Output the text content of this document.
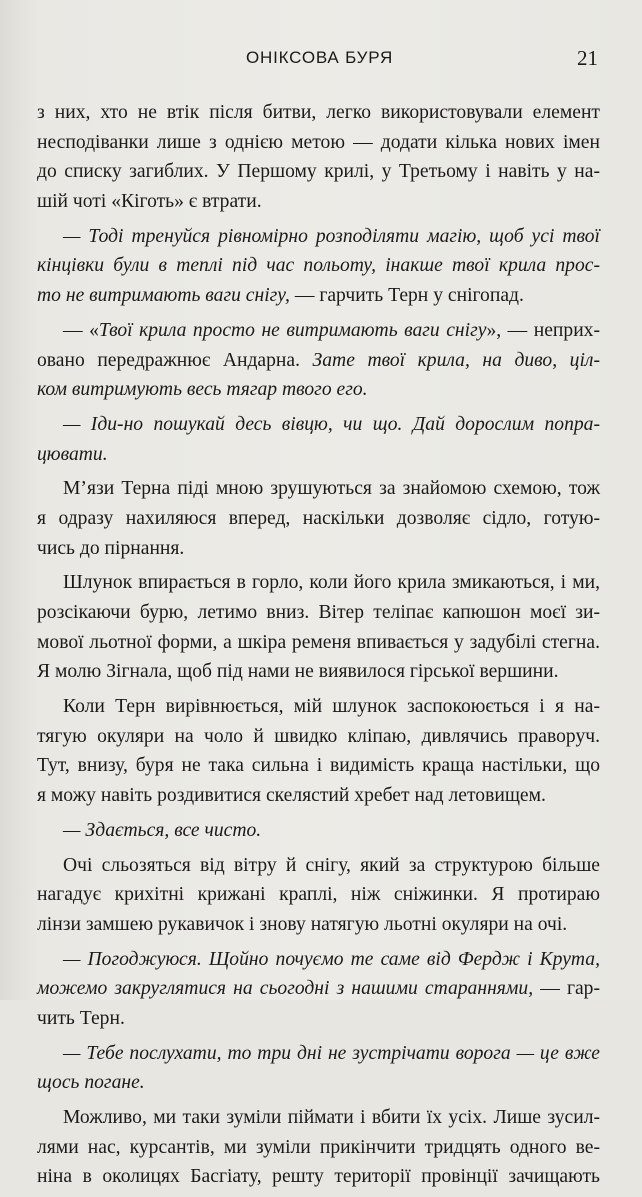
ОНІКСОВА БУРЯ	21
з них, хто не втік після битви, легко використовували елемент
несподіванки лише з однією метою — додати кілька нових імен
до списку загиблих. У Першому крилі, у Третьому і навіть у на-
шій чоті «Кіготь» є втрати.
— Тоді тренуйся рівномірно розподіляти магію, щоб усі твої
кінцівки були в теплі під час польоту, інакше твої крила прос-
то не витримають ваги снігу, — гарчить Терн у снігопад.
— «Твої крила просто не витримають ваги снігу», — неприх-
овано передражнює Андарна. Зате твої крила, на диво, ціл-
ком витримують весь тягар твого его.
— Іди-но пошукай десь вівцю, чи що. Дай дорослим попра-
цювати.
М’язи Терна піді мною зрушуються за знайомою схемою, тож
я одразу нахиляюся вперед, наскільки дозволяє сідло, готую-
чись до пірнання.
Шлунок впирається в горло, коли його крила змикаються, і ми,
розсікаючи бурю, летимо вниз. Вітер теліпає капюшон моєї зи-
мової льотної форми, а шкіра ременя впивається у задубілі стегна.
Я молю Зігнала, щоб під нами не виявилося гірської вершини.
Коли Терн вирівнюється, мій шлунок заспокоюється і я на-
тягую окуляри на чоло й швидко кліпаю, дивлячись праворуч.
Тут, внизу, буря не така сильна і видимість краща настільки, що
я можу навіть роздивитися скелястий хребет над летовищем.
— Здається, все чисто.
Очі сльозяться від вітру й снігу, який за структурою більше
нагадує крихітні крижані краплі, ніж сніжинки. Я протираю
лінзи замшею рукавичок і знову натягую льотні окуляри на очі.
— Погоджуюся. Щойно почуємо те саме від Фердж і Крута,
можемо закруглятися на сьогодні з нашими стараннями, — гар-
чить Терн.
— Тебе послухати, то три дні не зустрічати ворога — це вже
щось погане.
Можливо, ми таки зуміли піймати і вбити їх усіх. Лише зусил-
лями нас, курсантів, ми зуміли прикінчити тридцять одного ве-
ніна в околицях Басгіату, решту території провінції зачищають
